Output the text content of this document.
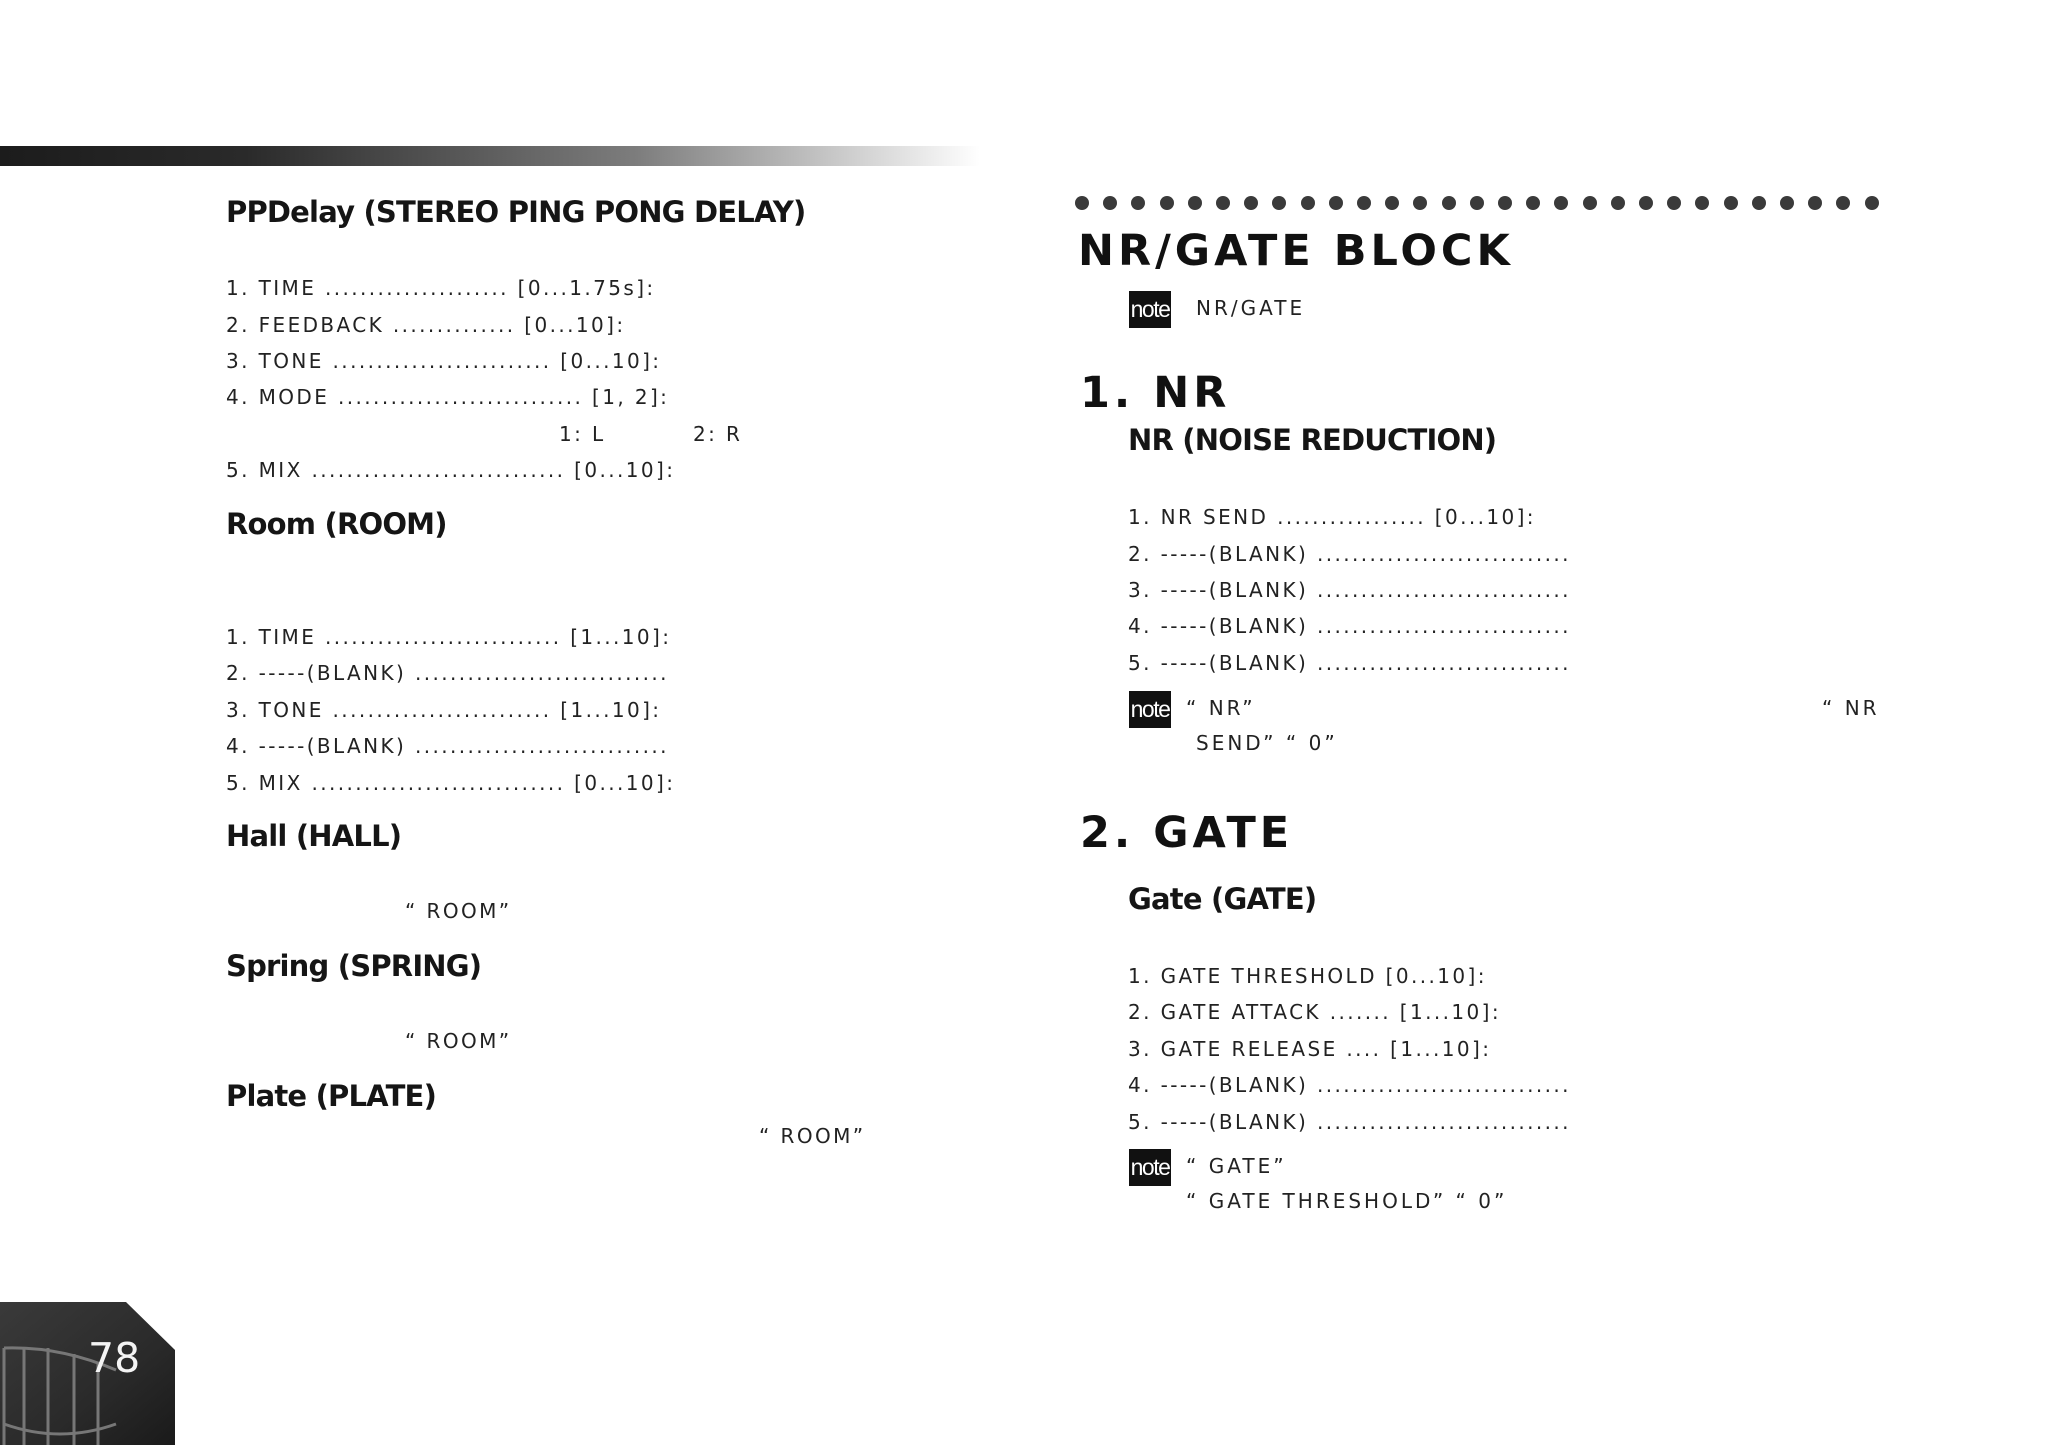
PPDelay (STEREO PING PONG DELAY)
1. TIME ..................... [0...1.75s]:
2. FEEDBACK .............. [0...10]:
3. TONE ......................... [0...10]:
4. MODE ............................ [1, 2]:
1: L	2: R
5. MIX ............................. [0...10]:
Room (ROOM)
1. TIME ........................... [1...10]:
2. -----(BLANK) .............................
3. TONE ......................... [1...10]:
4. -----(BLANK) .............................
5. MIX ............................. [0...10]:
Hall (HALL)
“ ROOM”
Spring (SPRING)
“ ROOM”
Plate (PLATE)
“ ROOM”
NR/GATE BLOCK
note NR/GATE
1. NR
NR (NOISE REDUCTION)
1. NR SEND ................. [0...10]:
2. -----(BLANK) .............................
3. -----(BLANK) .............................
4. -----(BLANK) .............................
5. -----(BLANK) .............................
note “ NR”	“ NR
SEND” “ 0”
2. GATE
Gate (GATE)
1. GATE THRESHOLD [0...10]:
2. GATE ATTACK ....... [1...10]:
3. GATE RELEASE .... [1...10]:
4. -----(BLANK) .............................
5. -----(BLANK) .............................
note “ GATE”
“ GATE THRESHOLD” “ 0”
78
